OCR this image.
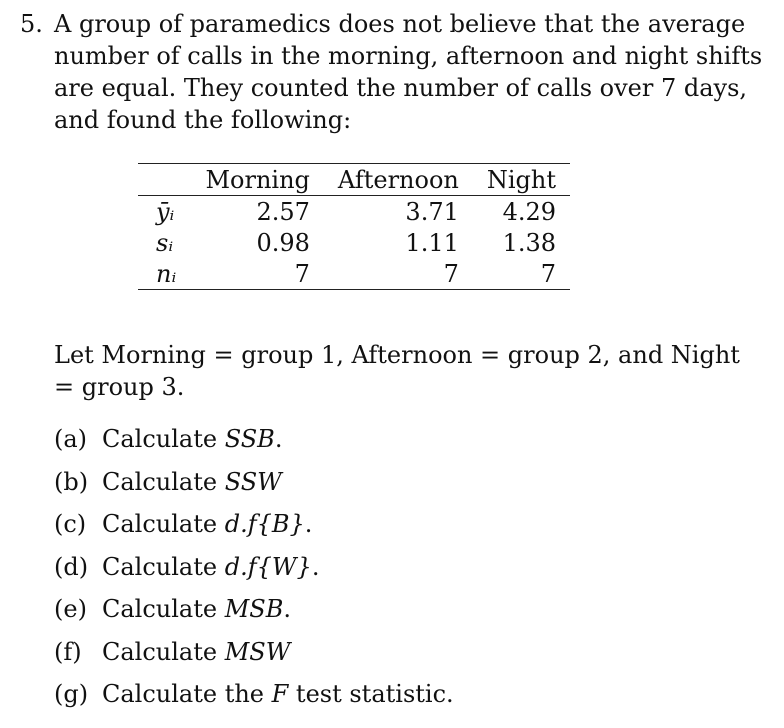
5. A group of paramedics does not believe that the average
number of calls in the morning, afternoon and night shifts
are equal. They counted the number of calls over 7 days,
and found the following:
	Morning	Afternoon	Night
ȳᵢ	2.57	3.71	4.29
sᵢ	0.98	1.11	1.38
nᵢ	7	7	7
Let Morning = group 1, Afternoon = group 2, and Night
= group 3.
(a) Calculate SSB.
(b) Calculate SSW
(c) Calculate d.f{B}.
(d) Calculate d.f{W}.
(e) Calculate MSB.
(f) Calculate MSW
(g) Calculate the F test statistic.
